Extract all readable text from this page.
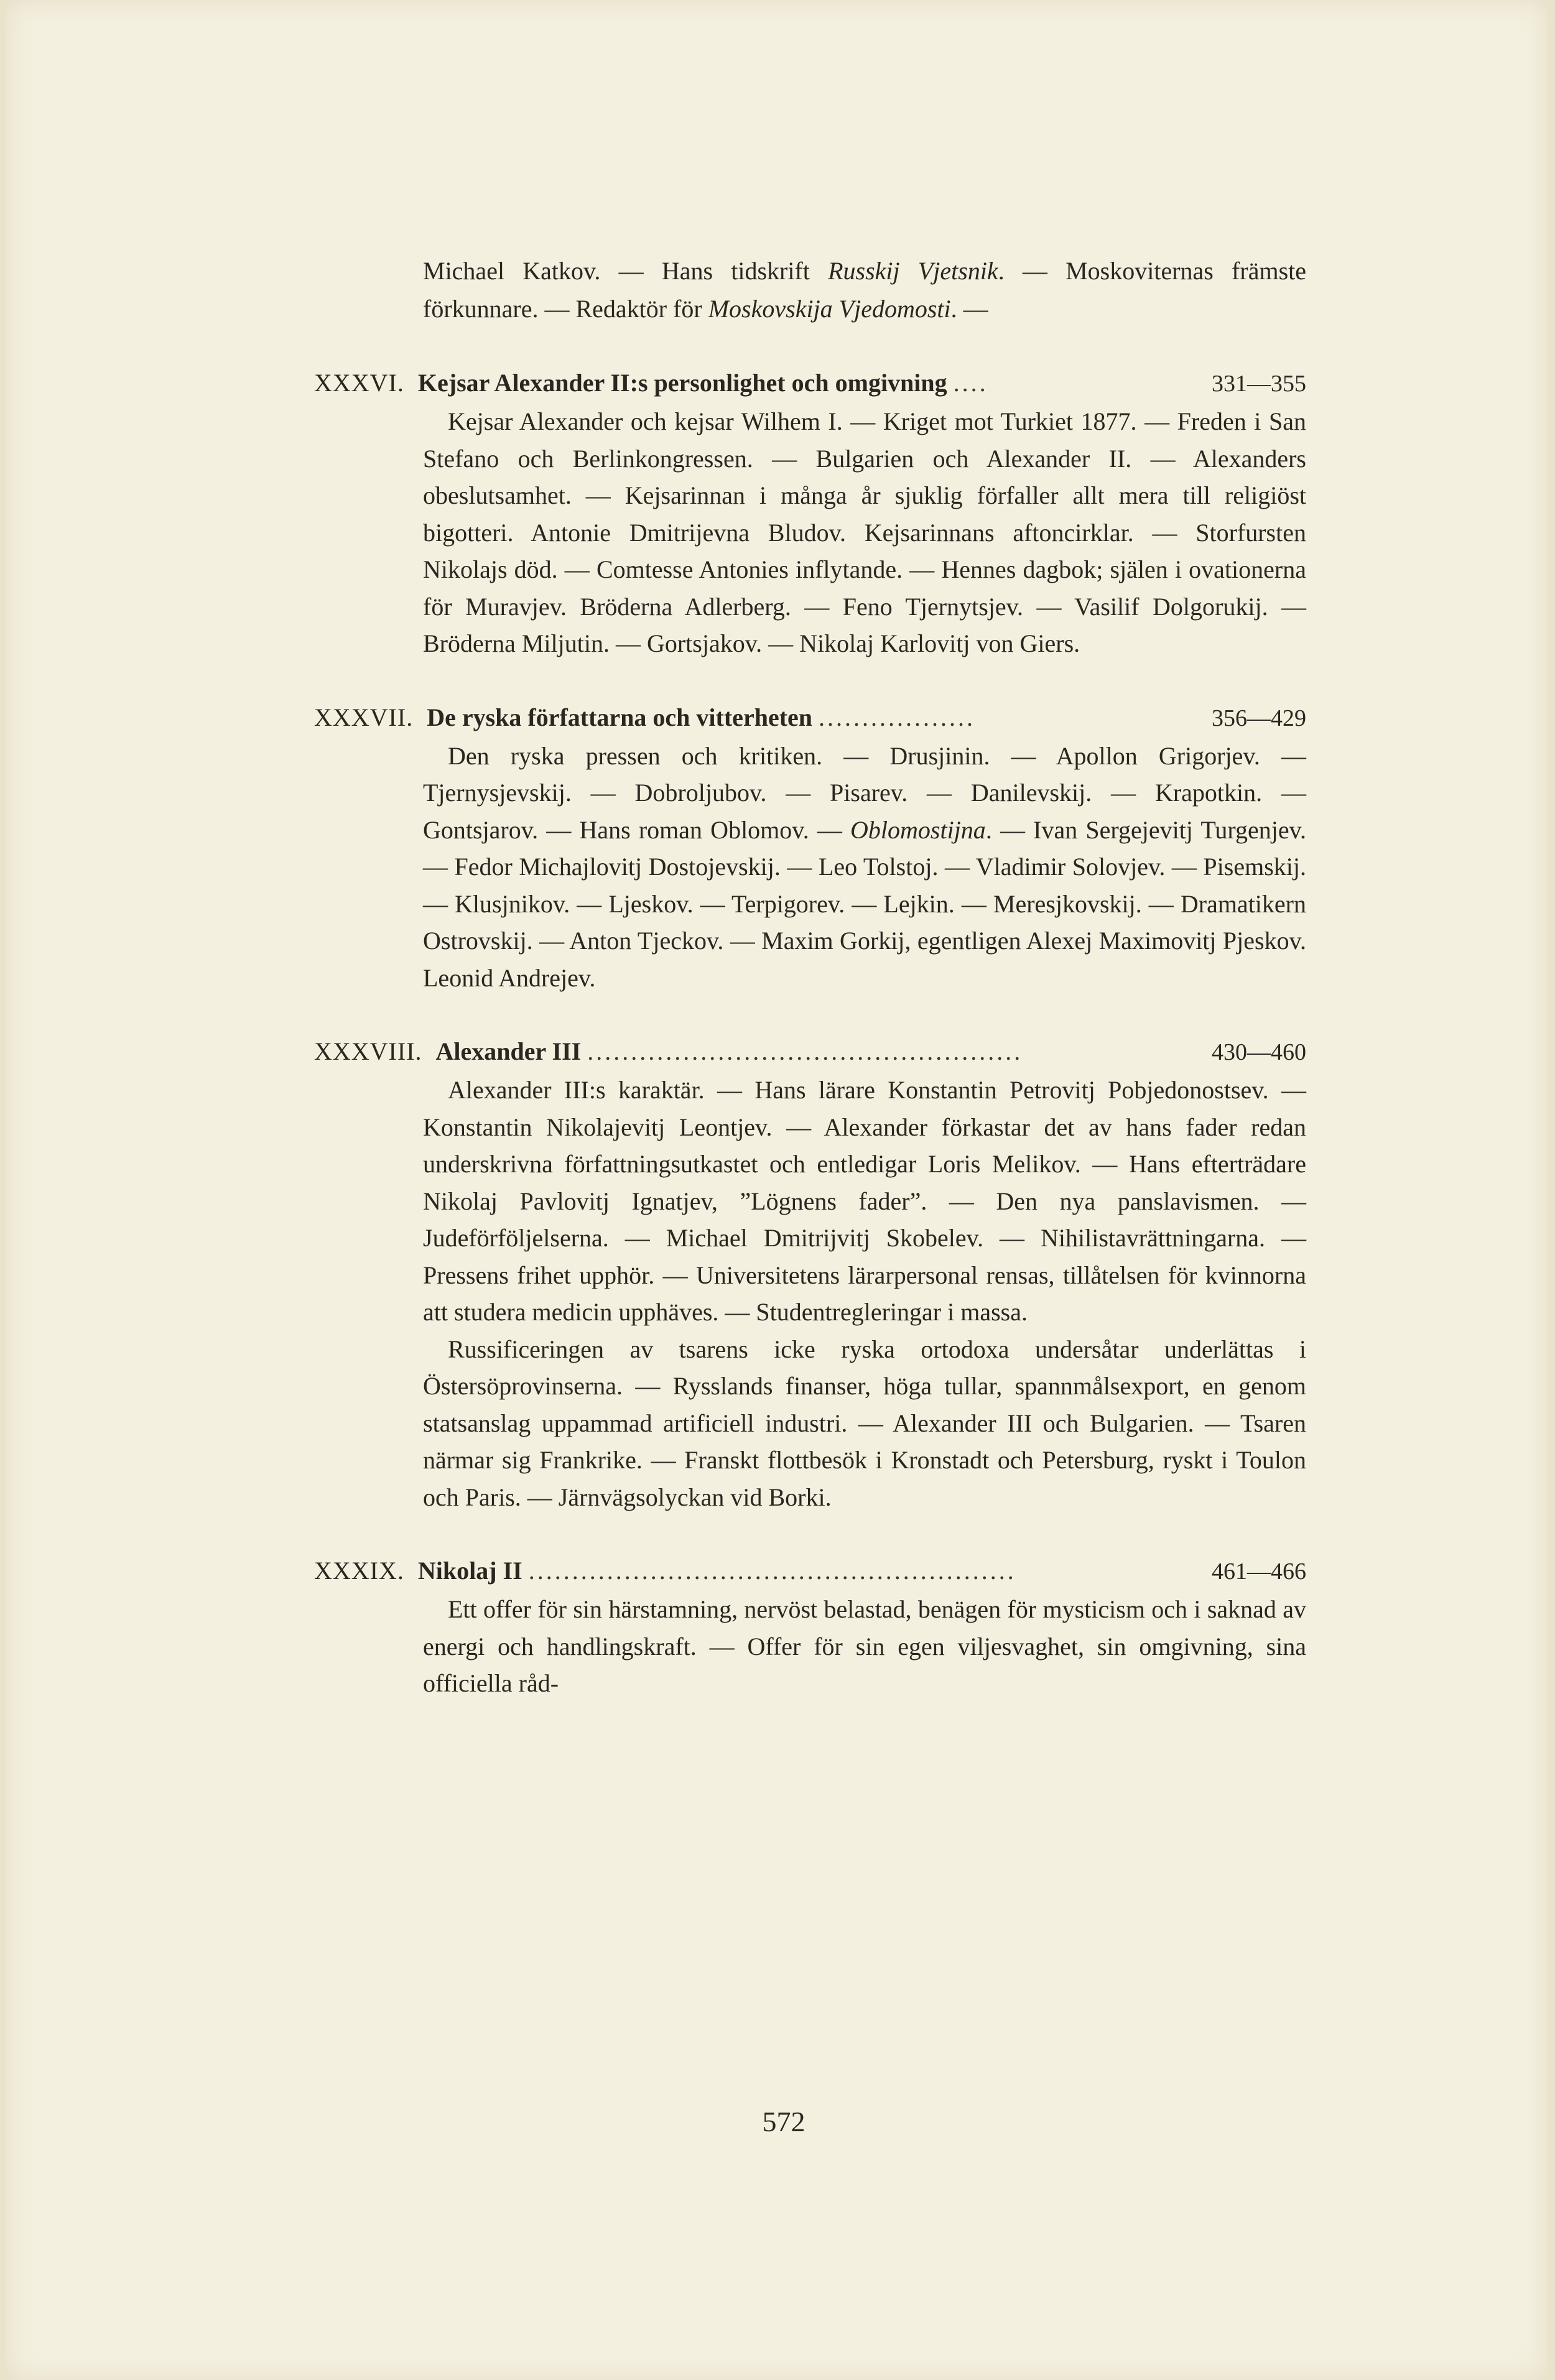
Michael Katkov. — Hans tidskrift Russkij Vjetsnik. — Moskoviternas främste förkunnare. — Redaktör för Moskovskija Vjedomosti. —
XXXVI. Kejsar Alexander II:s personlighet och omgivning ....	331—355
Kejsar Alexander och kejsar Wilhem I. — Kriget mot Turkiet 1877. — Freden i San Stefano och Berlinkongressen. — Bulgarien och Alexander II. — Alexanders obeslutsamhet. — Kejsarinnan i många år sjuklig förfaller allt mera till religiöst bigotteri. Antonie Dmitrijevna Bludov. Kejsarinnans aftoncirklar. — Storfursten Nikolajs död. — Comtesse Antonies inflytande. — Hennes dagbok; själen i ovationerna för Muravjev. Bröderna Adlerberg. — Feno Tjernytsjev. — Vasilif Dolgorukij. — Bröderna Miljutin. — Gortsjakov. — Nikolaj Karlovitj von Giers.
XXXVII. De ryska författarna och vitterheten ..................	356—429
Den ryska pressen och kritiken. — Drusjinin. — Apollon Grigorjev. — Tjernysjevskij. — Dobroljubov. — Pisarev. — Danilevskij. — Krapotkin. — Gontsjarov. — Hans roman Oblomov. — Oblomostijna. — Ivan Sergejevitj Turgenjev. — Fedor Michajlovitj Dostojevskij. — Leo Tolstoj. — Vladimir Solovjev. — Pisemskij. — Klusjnikov. — Ljeskov. — Terpigorev. — Lejkin. — Meresjkovskij. — Dramatikern Ostrovskij. — Anton Tjeckov. — Maxim Gorkij, egentligen Alexej Maximovitj Pjeskov. Leonid Andrejev.
XXXVIII. Alexander III ..................................................	430—460
Alexander III:s karaktär. — Hans lärare Konstantin Petrovitj Pobjedonostsev. — Konstantin Nikolajevitj Leontjev. — Alexander förkastar det av hans fader redan underskrivna författningsutkastet och entledigar Loris Melikov. — Hans efterträdare Nikolaj Pavlovitj Ignatjev, ”Lögnens fader”. — Den nya panslavismen. — Judeförföljelserna. — Michael Dmitrijvitj Skobelev. — Nihilistavrättningarna. — Pressens frihet upphör. — Universitetens lärarpersonal rensas, tillåtelsen för kvinnorna att studera medicin upphäves. — Studentregleringar i massa.
Russificeringen av tsarens icke ryska ortodoxa undersåtar underlättas i Östersöprovinserna. — Rysslands finanser, höga tullar, spannmålsexport, en genom statsanslag uppammad artificiell industri. — Alexander III och Bulgarien. — Tsaren närmar sig Frankrike. — Franskt flottbesök i Kronstadt och Petersburg, ryskt i Toulon och Paris. — Järnvägsolyckan vid Borki.
XXXIX. Nikolaj II ........................................................	461—466
Ett offer för sin härstamning, nervöst belastad, benägen för mysticism och i saknad av energi och handlingskraft. — Offer för sin egen viljesvaghet, sin omgivning, sina officiella råd-
572
